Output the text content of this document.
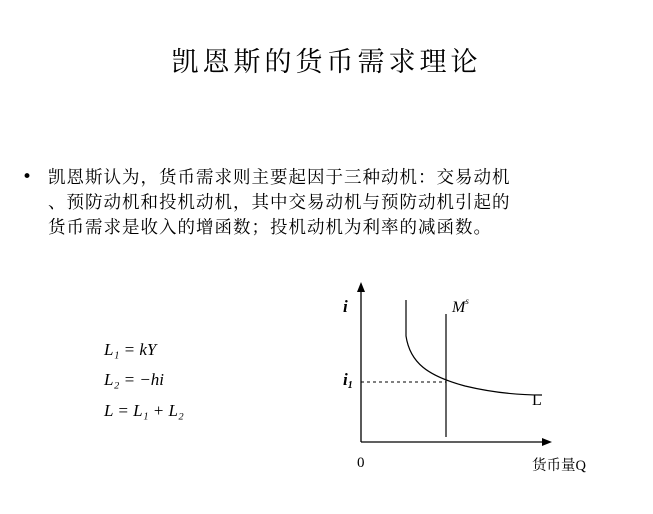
凯恩斯的货币需求理论
• 凯恩斯认为，货币需求则主要起因于三种动机：交易动机
、预防动机和投机动机，其中交易动机与预防动机引起的
货币需求是收入的增函数；投机动机为利率的减函数。
L₁ = kY
L₂ = −hi
L = L₁ + L₂
i
i1
$M^s$
L
0	货币量Q
